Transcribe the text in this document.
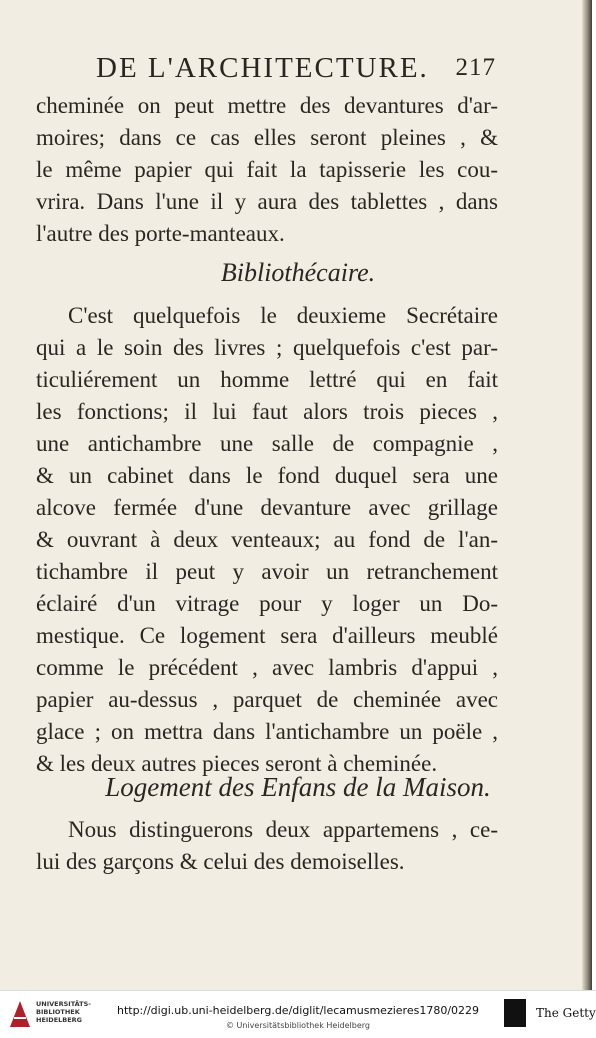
DE L'ARCHITECTURE. 217
cheminée on peut mettre des devantures d'ar-
moires; dans ce cas elles seront pleines , &
le même papier qui fait la tapisserie les cou-
vrira. Dans l'une il y aura des tablettes , dans
l'autre des porte-manteaux.
Bibliothécaire.
C'est quelquefois le deuxieme Secrétaire
qui a le soin des livres ; quelquefois c'est par-
ticuliérement un homme lettré qui en fait
les fonctions; il lui faut alors trois pieces ,
une antichambre une salle de compagnie ,
& un cabinet dans le fond duquel sera une
alcove fermée d'une devanture avec grillage
& ouvrant à deux venteaux; au fond de l'an-
tichambre il peut y avoir un retranchement
éclairé d'un vitrage pour y loger un Do-
mestique. Ce logement sera d'ailleurs meublé
comme le précédent , avec lambris d'appui ,
papier au-dessus , parquet de cheminée avec
glace ; on mettra dans l'antichambre un poële ,
& les deux autres pieces seront à cheminée.
Logement des Enfans de la Maison.
Nous distinguerons deux appartemens , ce-
lui des garçons & celui des demoiselles.
UNIVERSITÄTS-
BIBLIOTHEK
HEIDELBERG
http://digi.ub.uni-heidelberg.de/diglit/lecamusmezieres1780/0229
© Universitätsbibliothek Heidelberg
The Getty
